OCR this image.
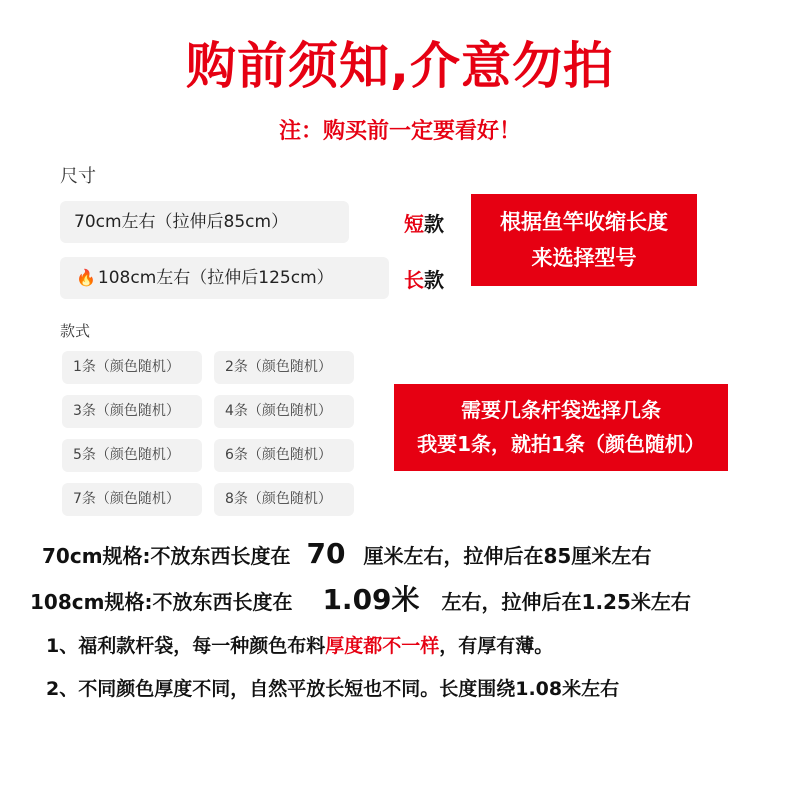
购前须知,介意勿拍
注：购买前一定要看好！
尺寸
70cm左右（拉伸后85cm）	短款
🔥 108cm左右（拉伸后125cm）	长款
根据鱼竿收缩长度
来选择型号
款式
1条（颜色随机）	2条（颜色随机）
3条（颜色随机）	4条（颜色随机）
5条（颜色随机）	6条（颜色随机）
7条（颜色随机）	8条（颜色随机）
需要几条杆袋选择几条
我要1条，就拍1条（颜色随机）
70cm规格:不放东西长度在 70 厘米左右，拉伸后在85厘米左右
108cm规格:不放东西长度在 1.09米 左右，拉伸后在1.25米左右
1、福利款杆袋，每一种颜色布料厚度都不一样，有厚有薄。
2、不同颜色厚度不同，自然平放长短也不同。长度围绕1.08米左右
